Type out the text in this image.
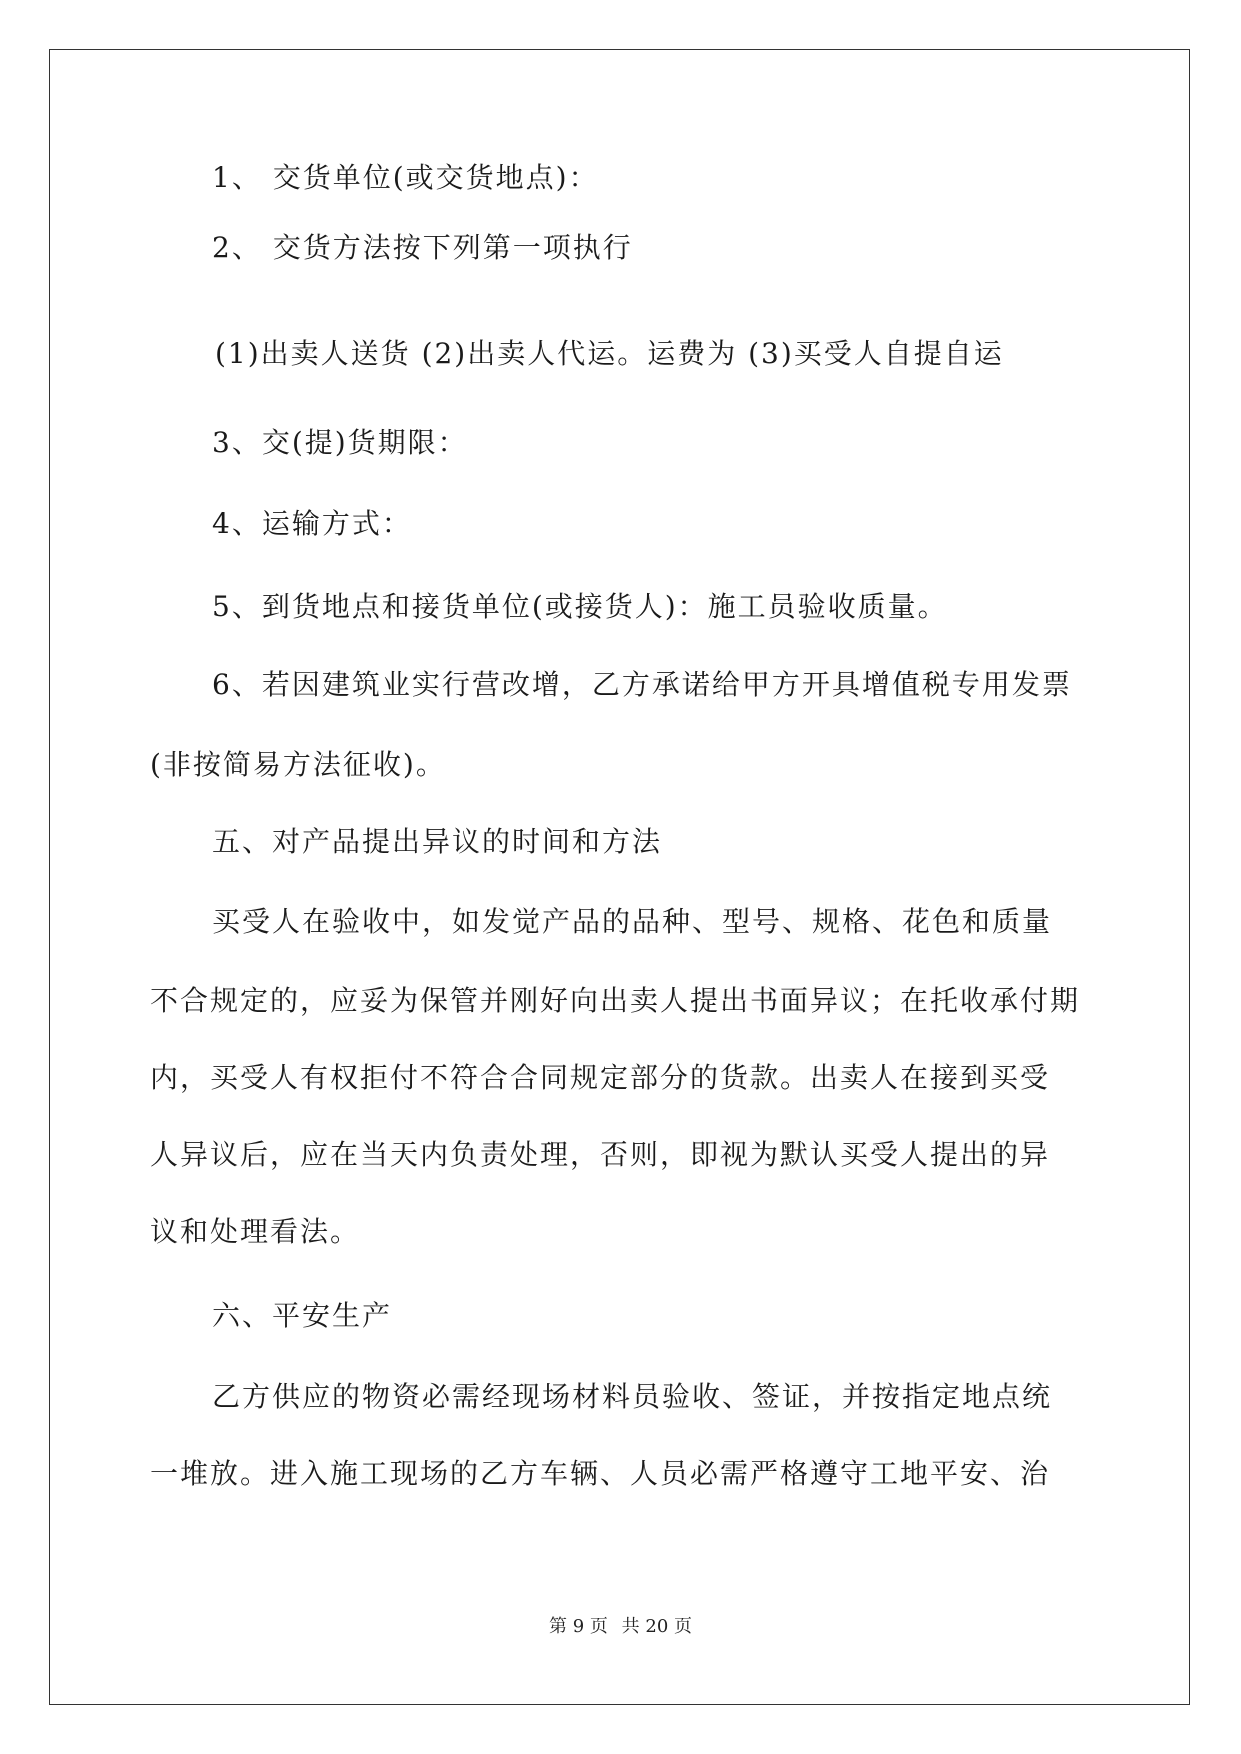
1、 交货单位(或交货地点)：
2、 交货方法按下列第一项执行
(1)出卖人送货 (2)出卖人代运。运费为 (3)买受人自提自运
3、交(提)货期限：
4、运输方式：
5、到货地点和接货单位(或接货人)：施工员验收质量。
6、若因建筑业实行营改增，乙方承诺给甲方开具增值税专用发票
(非按简易方法征收)。
五、对产品提出异议的时间和方法
买受人在验收中，如发觉产品的品种、型号、规格、花色和质量
不合规定的，应妥为保管并刚好向出卖人提出书面异议；在托收承付期
内，买受人有权拒付不符合合同规定部分的货款。出卖人在接到买受
人异议后，应在当天内负责处理，否则，即视为默认买受人提出的异
议和处理看法。
六、平安生产
乙方供应的物资必需经现场材料员验收、签证，并按指定地点统
一堆放。进入施工现场的乙方车辆、人员必需严格遵守工地平安、治
第 9 页 共 20 页
